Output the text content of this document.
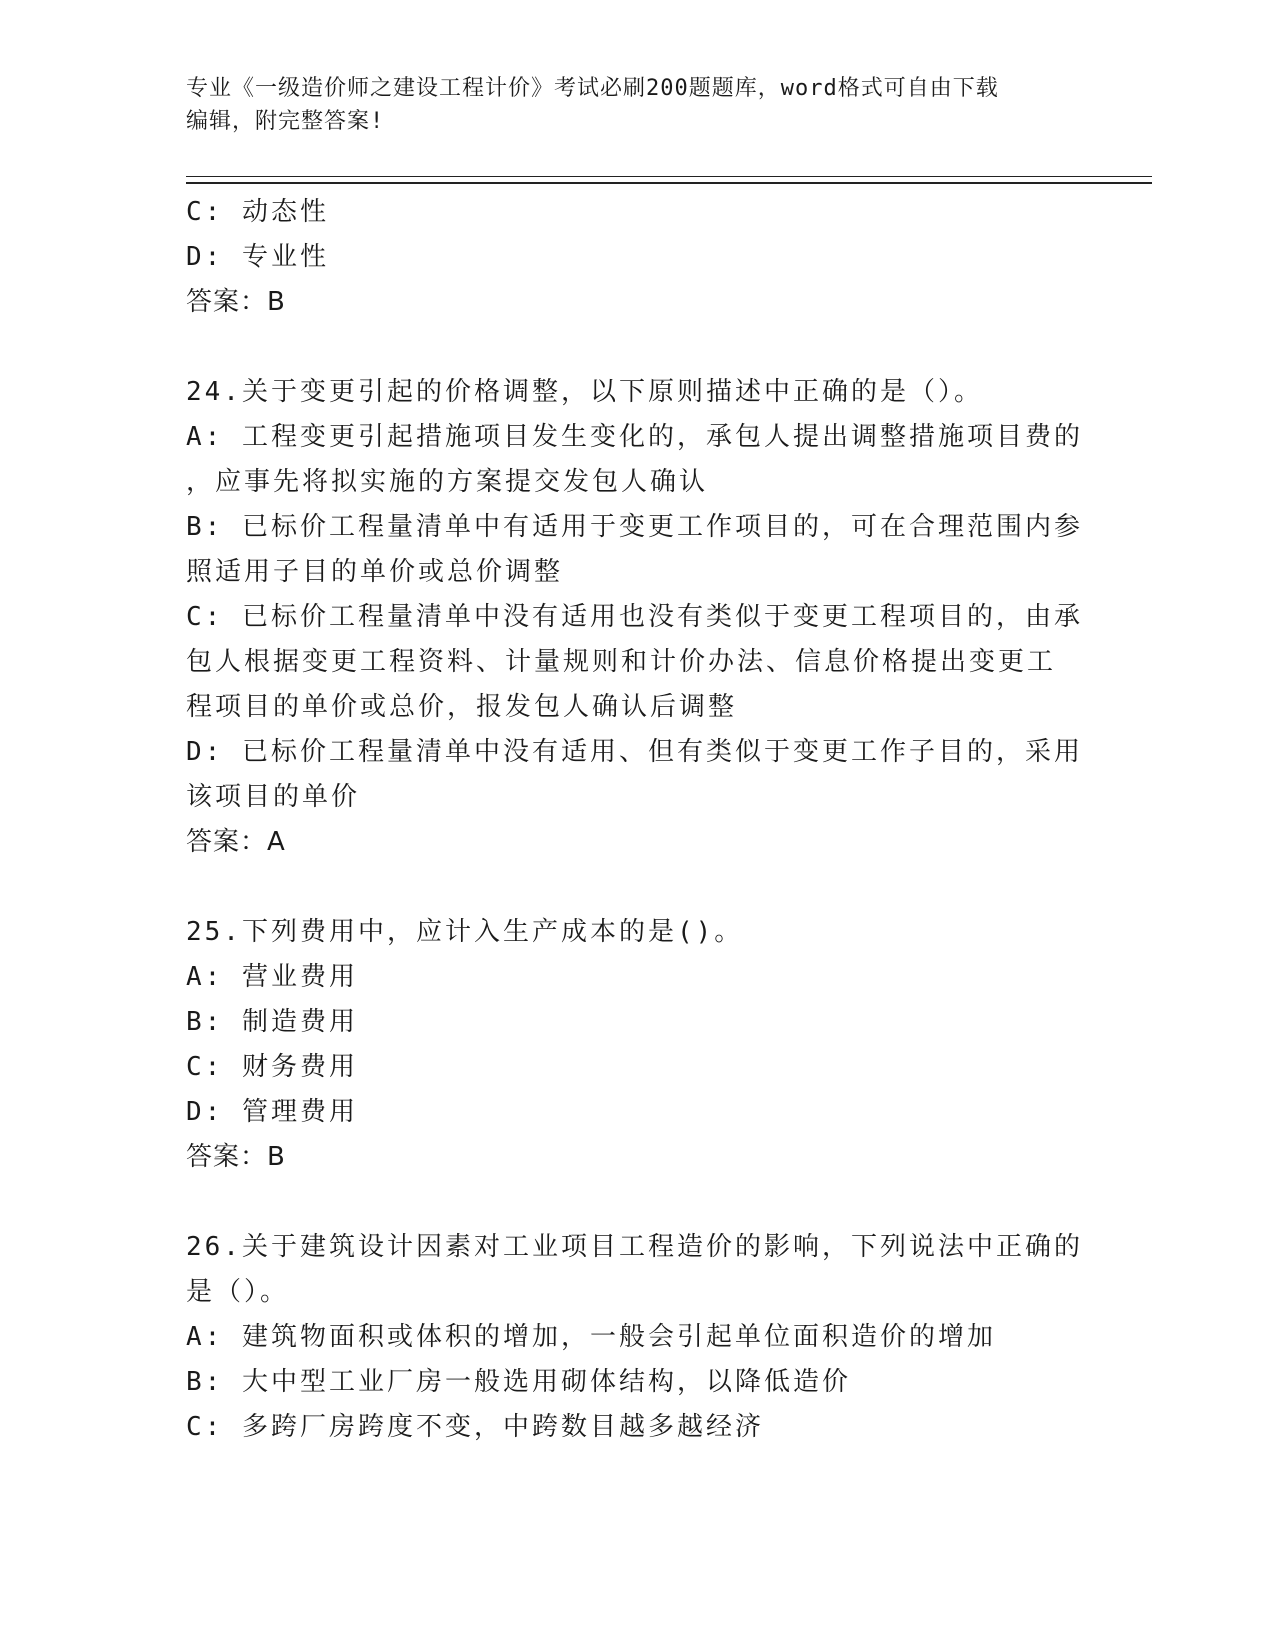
专业《一级造价师之建设工程计价》考试必刷200题题库，word格式可自由下载
编辑，附完整答案!
C: 动态性
D: 专业性
答案：B
24.关于变更引起的价格调整，以下原则描述中正确的是（）。
A: 工程变更引起措施项目发生变化的，承包人提出调整措施项目费的
，应事先将拟实施的方案提交发包人确认
B: 已标价工程量清单中有适用于变更工作项目的，可在合理范围内参
照适用子目的单价或总价调整
C: 已标价工程量清单中没有适用也没有类似于变更工程项目的，由承
包人根据变更工程资料、计量规则和计价办法、信息价格提出变更工
程项目的单价或总价，报发包人确认后调整
D: 已标价工程量清单中没有适用、但有类似于变更工作子目的，采用
该项目的单价
答案：A
25.下列费用中，应计入生产成本的是()。
A: 营业费用
B: 制造费用
C: 财务费用
D: 管理费用
答案：B
26.关于建筑设计因素对工业项目工程造价的影响，下列说法中正确的
是（）。
A: 建筑物面积或体积的增加，一般会引起单位面积造价的增加
B: 大中型工业厂房一般选用砌体结构，以降低造价
C: 多跨厂房跨度不变，中跨数目越多越经济
